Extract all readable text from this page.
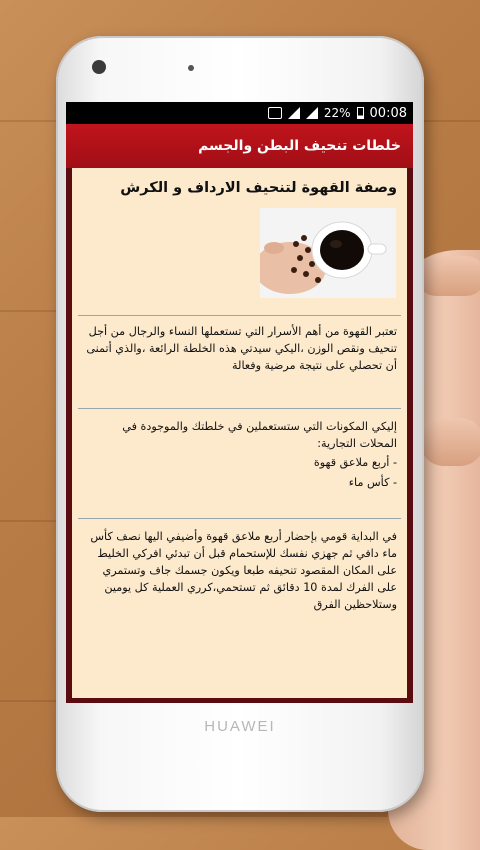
HUAWEI
22% 00:08
خلطات تنحيف البطن والجسم
وصفة القهوة لتنحيف الارداف و الكرش
تعتبر القهوة من أهم الأسرار التي تستعملها النساء والرجال من أجل تنحيف ونقص الوزن ،اليكي سيدتي هذه الخلطة الرائعة ،والذي أتمنى أن تحصلي على نتيجة مرضية وفعالة
إليكي المكونات التي ستستعملين في خلطتك والموجودة في المحلات التجارية:
- أربع ملاعق قهوة
- كأس ماء
في البداية قومي بإحضار أربع ملاعق قهوة وأضيفي اليها نصف كأس ماء دافي ثم جهزي نفسك للإستحمام قبل أن تبدئي افركي الخليط على المكان المقصود تنحيفه طبعا ويكون جسمك جاف وتستمري على الفرك لمدة 10 دقائق ثم تستحمي،كرري العملية كل يومين وستلاحظين الفرق
